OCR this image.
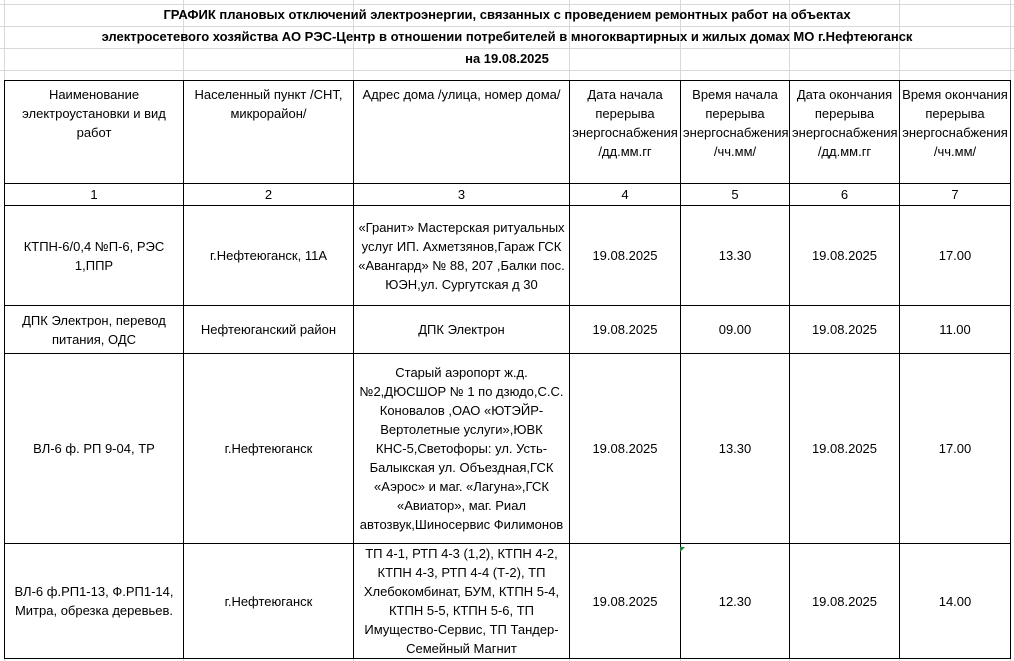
ГРАФИК плановых отключений электроэнергии, связанных с проведением ремонтных работ на объектах
электросетевого хозяйства АО РЭС-Центр в отношении потребителей в многоквартирных и жилых домах МО г.Нефтеюганск
на 19.08.2025
Наименование электроустановки и вид работ	Населенный пункт /СНТ, микрорайон/	Адрес дома /улица, номер дома/	Дата начала перерыва энергоснабжения /дд.мм.гг	Время начала перерыва энергоснабжения /чч.мм/	Дата окончания перерыва энергоснабжения /дд.мм.гг	Время окончания перерыва энергоснабжения /чч.мм/
1	2	3	4	5	6	7
КТПН-6/0,4 №П-6, РЭС 1,ППР	г.Нефтеюганск, 11А	«Гранит» Мастерская ритуальных услуг ИП. Ахметзянов,Гараж ГСК «Авангард» № 88, 207 ,Балки пос. ЮЭН,ул. Сургутская д 30	19.08.2025	13.30	19.08.2025	17.00
ДПК Электрон, перевод питания, ОДС	Нефтеюганский район	ДПК Электрон	19.08.2025	09.00	19.08.2025	11.00
ВЛ-6 ф. РП 9-04, ТР	г.Нефтеюганск	Старый аэропорт ж.д.№2,ДЮСШОР № 1 по дзюдо,С.С. Коновалов ,ОАО «ЮТЭЙР-Вертолетные услуги»,ЮВК КНС-5,Светофоры: ул. Усть-Балыкская ул. Объездная,ГСК «Аэрос» и маг. «Лагуна»,ГСК «Авиатор», маг. Риал автозвук,Шиносервис Филимонов	19.08.2025	13.30	19.08.2025	17.00
ВЛ-6 ф.РП1-13, Ф.РП1-14, Митра, обрезка деревьев.	г.Нефтеюганск	ТП 4-1, РТП 4-3 (1,2), КТПН 4-2, КТПН 4-3, РТП 4-4 (Т-2), ТП Хлебокомбинат, БУМ, КТПН 5-4, КТПН 5-5, КТПН 5-6, ТП Имущество-Сервис, ТП Тандер-Семейный Магнит	19.08.2025	12.30	19.08.2025	14.00
